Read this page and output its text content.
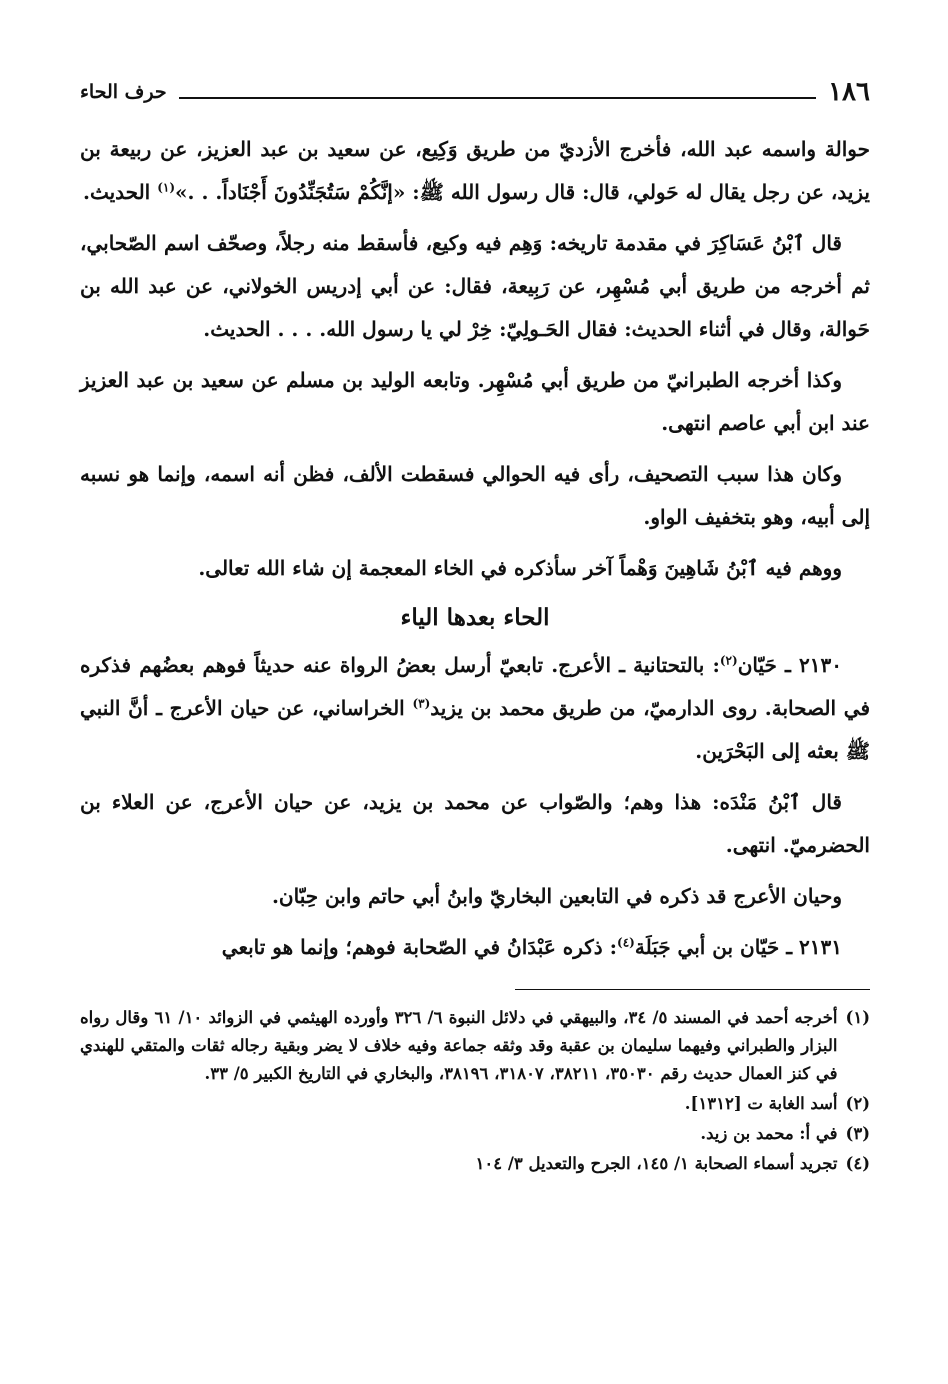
١٨٦
حرف الحاء

حوالة واسمه عبد الله، فأخرج الأزديّ من طريق وَكِيع، عن سعيد بن عبد العزيز، عن ربيعة بن يزيد، عن رجل يقال له حَولي، قال: قال رسول الله ﷺ: «إنَّكُمْ سَتُجَنِّدُونَ أَجْنَاداً. . .»$^{(١)}$ الحديث.

قال ٱبْنُ عَسَاكِرَ في مقدمة تاريخه: وَهِم فيه وكيع، فأسقط منه رجلاً، وصحّف اسم الصّحابي، ثم أخرجه من طريق أبي مُسْهِر، عن رَبِيعة، فقال: عن أبي إدريس الخولاني، عن عبد الله بن حَوالة، وقال في أثناء الحديث: فقال الحَـولِيّ: خِرْ لي يا رسول الله. . . . الحديث.

وكذا أخرجه الطبرانيّ من طريق أبي مُسْهِر. وتابعه الوليد بن مسلم عن سعيد بن عبد العزيز عند ابن أبي عاصم انتهى.

وكان هذا سبب التصحيف، رأى فيه الحوالي فسقطت الألف، فظن أنه اسمه، وإنما هو نسبه إلى أبيه، وهو بتخفيف الواو.

ووهم فيه ٱبْنُ شَاهِينَ وَهْماً آخر سأذكره في الخاء المعجمة إن شاء الله تعالى.

الحاء بعدها الياء

٢١٣٠ ـ حَيّان$^{(٢)}$: بالتحتانية ـ الأعرج. تابعيّ أرسل بعضُ الرواة عنه حديثاً فوهم بعضُهم فذكره في الصحابة. روى الدارميّ، من طريق محمد بن يزيد$^{(٣)}$ الخراساني، عن حيان الأعرج ـ أنَّ النبي ﷺ بعثه إلى البَحْرَين.

قال ٱبْنُ مَنْدَه: هذا وهم؛ والصّواب عن محمد بن يزيد، عن حيان الأعرج، عن العلاء بن الحضرميّ. انتهى.

وحيان الأعرج قد ذكره في التابعين البخاريّ وابنُ أبي حاتم وابن حِبّان.

٢١٣١ ـ حَيّان بن أبي جَبَلَة$^{(٤)}$: ذكره عَبْدَانُ في الصّحابة فوهم؛ وإنما هو تابعي

(١)
أخرجه أحمد في المسند ٥/ ٣٤، والبيهقي في دلائل النبوة ٦/ ٣٢٦ وأورده الهيثمي في الزوائد ١٠/ ٦١ وقال رواه البزار والطبراني وفيهما سليمان بن عقبة وقد وثقه جماعة وفيه خلاف لا يضر وبقية رجاله ثقات والمتقي للهندي في كنز العمال حديث رقم ٣٥٠٣٠، ٣٨٢١١، ٣١٨٠٧، ٣٨١٩٦، والبخاري في التاريخ الكبير ٥/ ٣٣.
(٢)
أسد الغابة ت [١٣١٢].
(٣)
في أ: محمد بن زيد.
(٤)
تجريد أسماء الصحابة ١/ ١٤٥، الجرح والتعديل ٣/ ١٠٤
